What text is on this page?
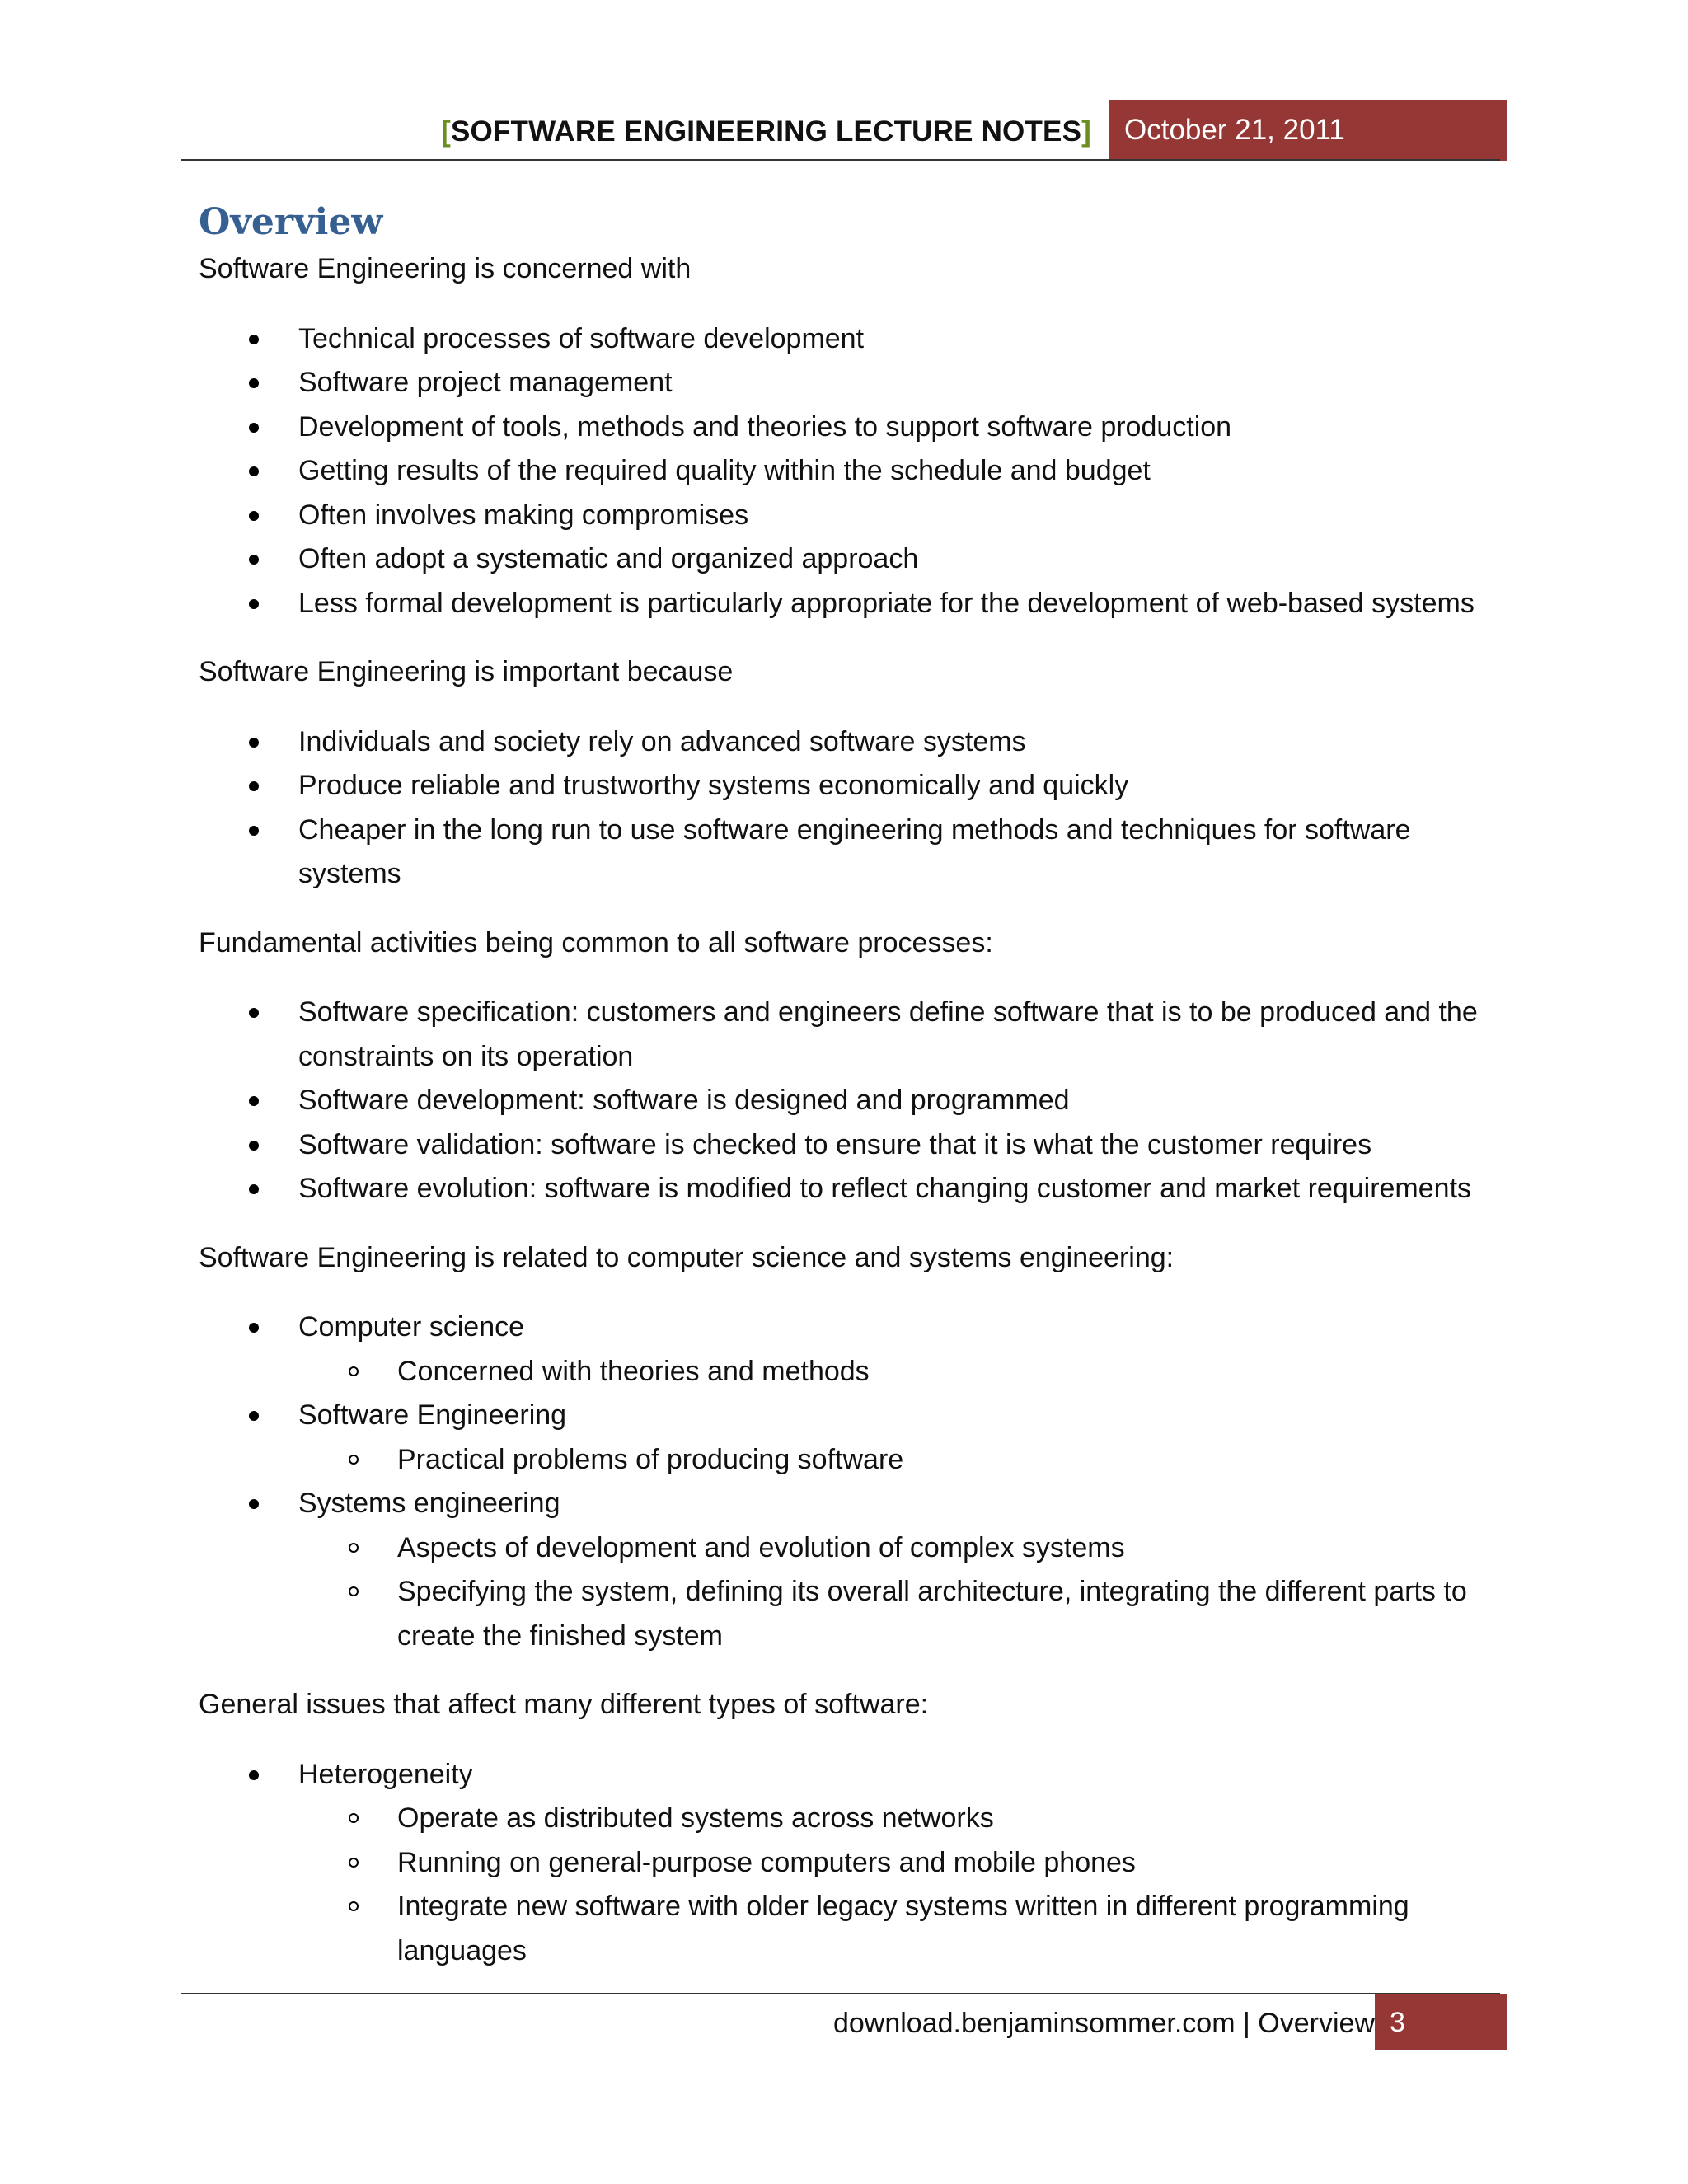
[SOFTWARE ENGINEERING LECTURE NOTES]	October 21, 2011
Overview

Software Engineering is concerned with

Technical processes of software development
Software project management
Development of tools, methods and theories to support software production
Getting results of the required quality within the schedule and budget
Often involves making compromises
Often adopt a systematic and organized approach
Less formal development is particularly appropriate for the development of web-based systems

Software Engineering is important because

Individuals and society rely on advanced software systems
Produce reliable and trustworthy systems economically and quickly
Cheaper in the long run to use software engineering methods and techniques for software
systems

Fundamental activities being common to all software processes:

Software specification: customers and engineers define software that is to be produced and the
constraints on its operation
Software development: software is designed and programmed
Software validation: software is checked to ensure that it is what the customer requires
Software evolution: software is modified to reflect changing customer and market requirements

Software Engineering is related to computer science and systems engineering:

Computer science
Concerned with theories and methods
Software Engineering
Practical problems of producing software
Systems engineering
Aspects of development and evolution of complex systems
Specifying the system, defining its overall architecture, integrating the different parts to
create the finished system

General issues that affect many different types of software:

Heterogeneity
Operate as distributed systems across networks
Running on general-purpose computers and mobile phones
Integrate new software with older legacy systems written in different programming
languages
download.benjaminsommer.com | Overview 3
